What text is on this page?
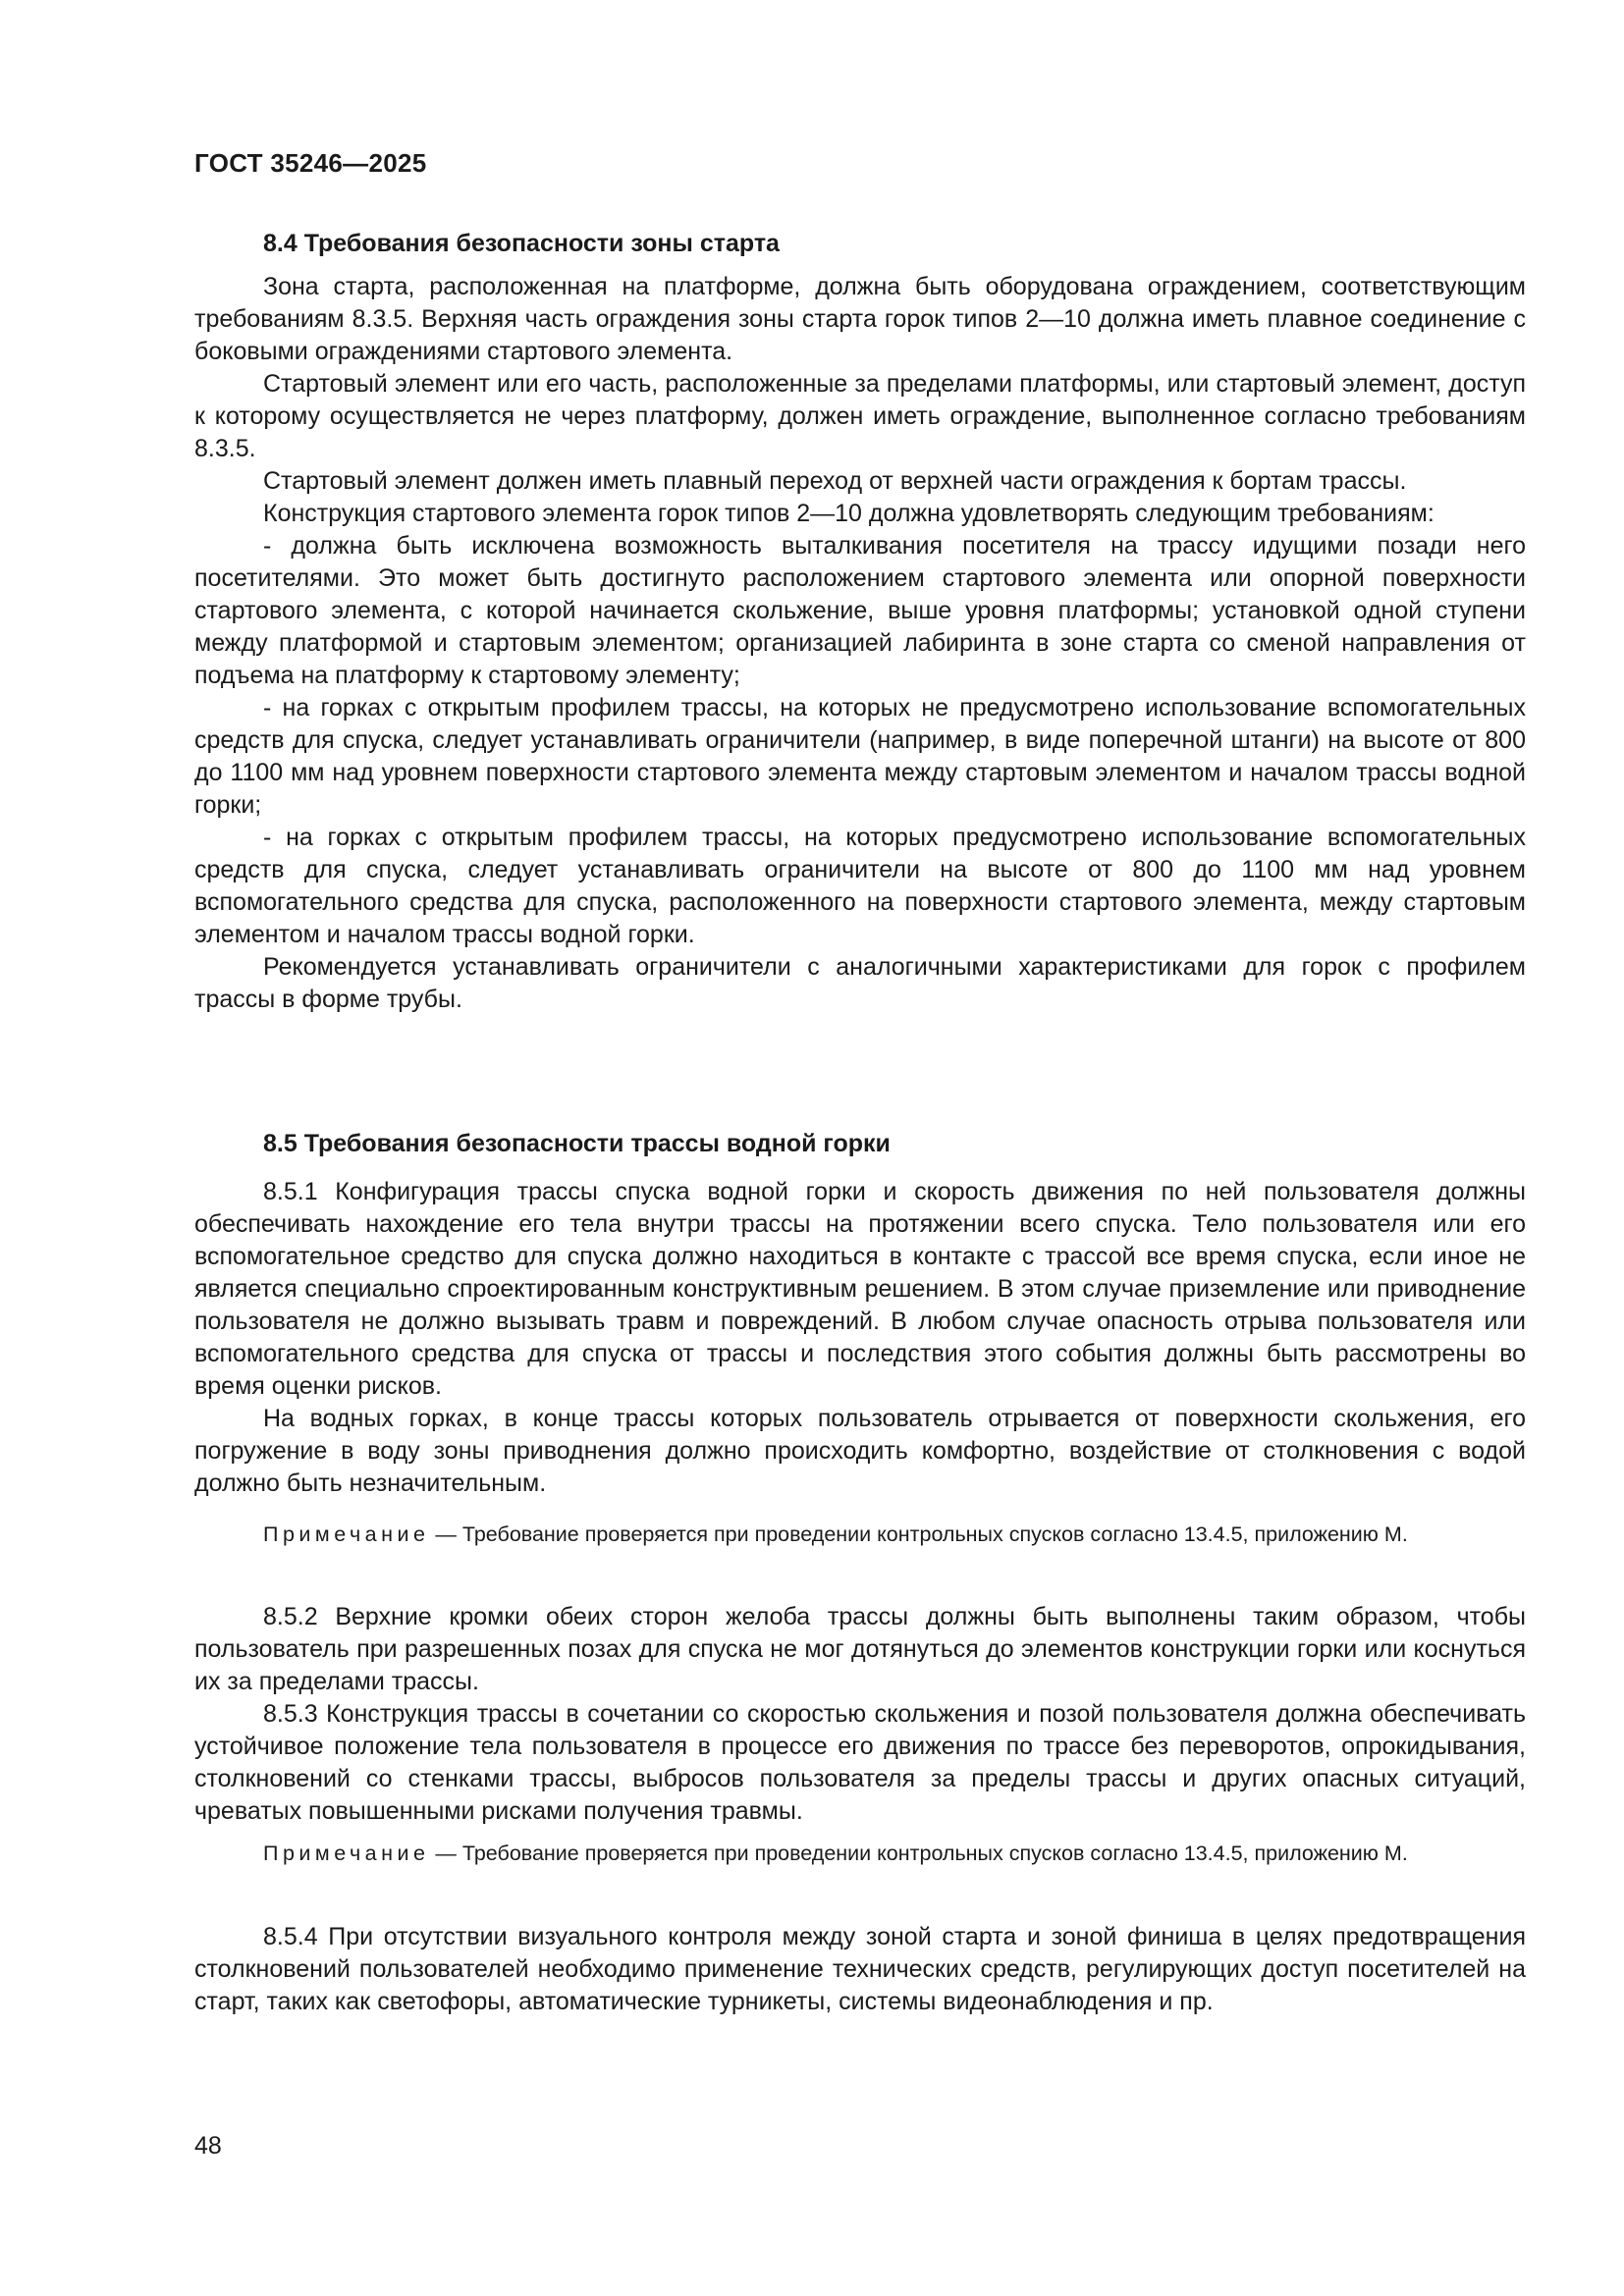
ГОСТ 35246—2025
8.4 Требования безопасности зоны старта

Зона старта, расположенная на платформе, должна быть оборудована ограждением, соответствующим требованиям 8.3.5. Верхняя часть ограждения зоны старта горок типов 2—10 должна иметь плавное соединение с боковыми ограждениями стартового элемента.

Стартовый элемент или его часть, расположенные за пределами платформы, или стартовый элемент, доступ к которому осуществляется не через платформу, должен иметь ограждение, выполненное согласно требованиям 8.3.5.

Стартовый элемент должен иметь плавный переход от верхней части ограждения к бортам трассы.

Конструкция стартового элемента горок типов 2—10 должна удовлетворять следующим требованиям:

- должна быть исключена возможность выталкивания посетителя на трассу идущими позади него посетителями. Это может быть достигнуто расположением стартового элемента или опорной поверхности стартового элемента, с которой начинается скольжение, выше уровня платформы; установкой одной ступени между платформой и стартовым элементом; организацией лабиринта в зоне старта со сменой направления от подъема на платформу к стартовому элементу;

- на горках с открытым профилем трассы, на которых не предусмотрено использование вспомогательных средств для спуска, следует устанавливать ограничители (например, в виде поперечной штанги) на высоте от 800 до 1100 мм над уровнем поверхности стартового элемента между стартовым элементом и началом трассы водной горки;

- на горках с открытым профилем трассы, на которых предусмотрено использование вспомогательных средств для спуска, следует устанавливать ограничители на высоте от 800 до 1100 мм над уровнем вспомогательного средства для спуска, расположенного на поверхности стартового элемента, между стартовым элементом и началом трассы водной горки.

Рекомендуется устанавливать ограничители с аналогичными характеристиками для горок с профилем трассы в форме трубы.

8.5 Требования безопасности трассы водной горки

8.5.1 Конфигурация трассы спуска водной горки и скорость движения по ней пользователя должны обеспечивать нахождение его тела внутри трассы на протяжении всего спуска. Тело пользователя или его вспомогательное средство для спуска должно находиться в контакте с трассой все время спуска, если иное не является специально спроектированным конструктивным решением. В этом случае приземление или приводнение пользователя не должно вызывать травм и повреждений. В любом случае опасность отрыва пользователя или вспомогательного средства для спуска от трассы и последствия этого события должны быть рассмотрены во время оценки рисков.

На водных горках, в конце трассы которых пользователь отрывается от поверхности скольжения, его погружение в воду зоны приводнения должно происходить комфортно, воздействие от столкновения с водой должно быть незначительным.

Примечание — Требование проверяется при проведении контрольных спусков согласно 13.4.5, приложению М.

8.5.2 Верхние кромки обеих сторон желоба трассы должны быть выполнены таким образом, чтобы пользователь при разрешенных позах для спуска не мог дотянуться до элементов конструкции горки или коснуться их за пределами трассы.

8.5.3 Конструкция трассы в сочетании со скоростью скольжения и позой пользователя должна обеспечивать устойчивое положение тела пользователя в процессе его движения по трассе без переворотов, опрокидывания, столкновений со стенками трассы, выбросов пользователя за пределы трассы и других опасных ситуаций, чреватых повышенными рисками получения травмы.

Примечание — Требование проверяется при проведении контрольных спусков согласно 13.4.5, приложению М.

8.5.4 При отсутствии визуального контроля между зоной старта и зоной финиша в целях предотвращения столкновений пользователей необходимо применение технических средств, регулирующих доступ посетителей на старт, таких как светофоры, автоматические турникеты, системы видеонаблюдения и пр.

48
